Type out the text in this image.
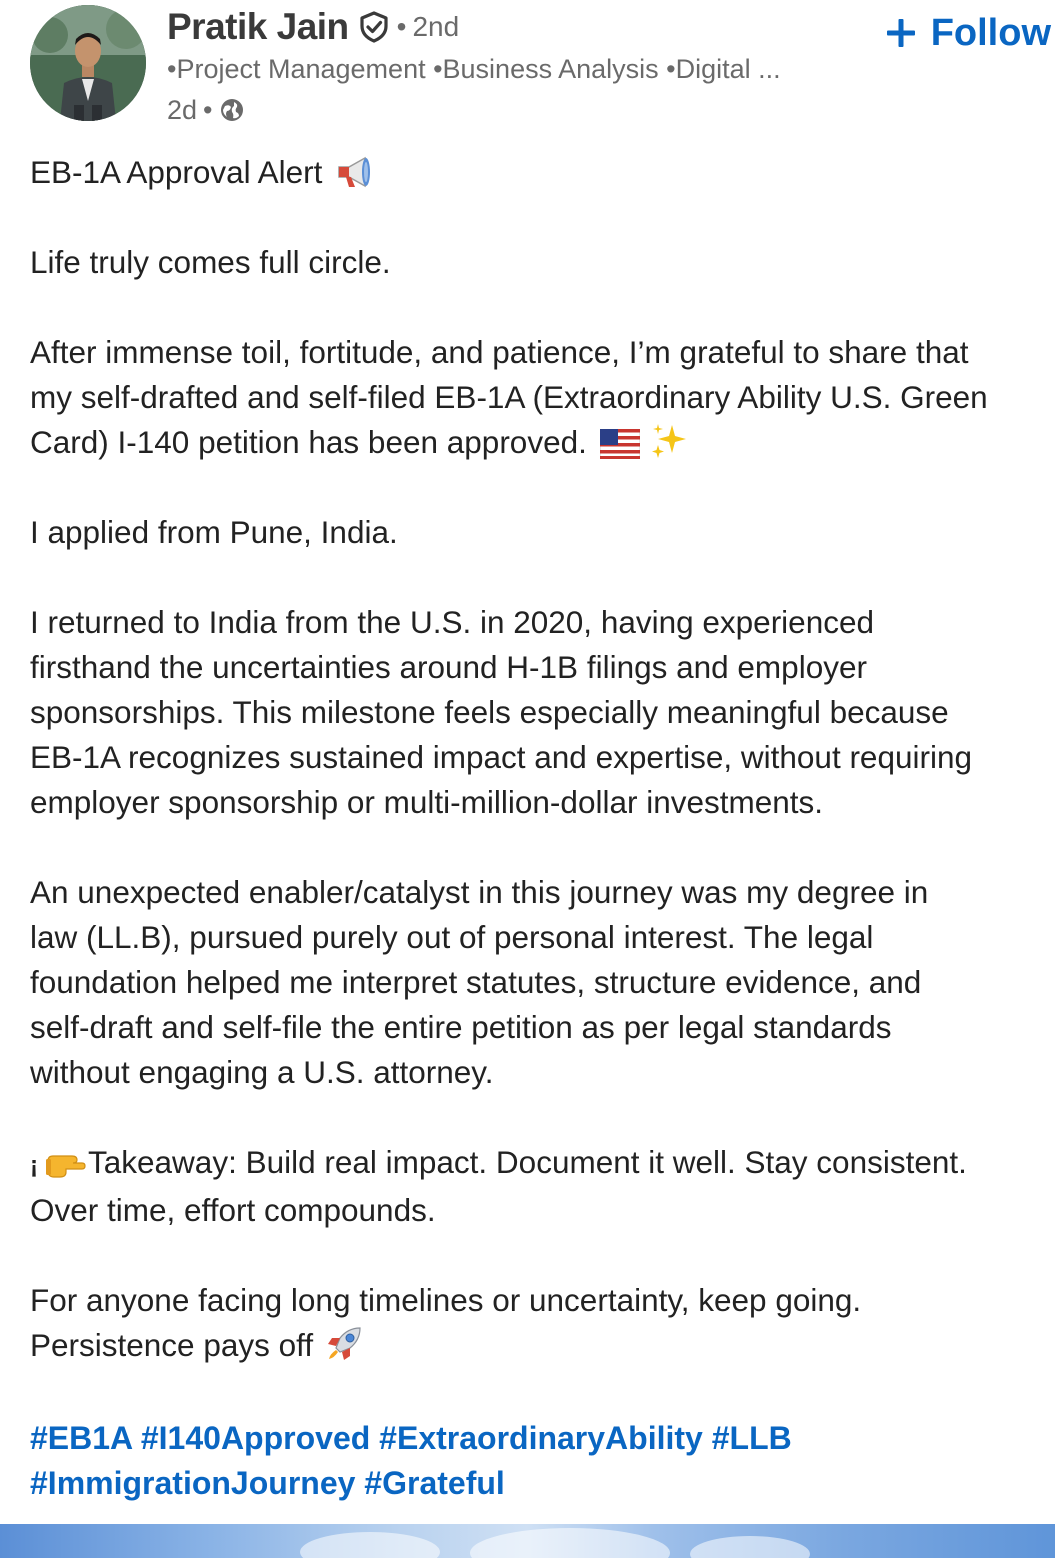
Pratik Jain • 2nd
•Project Management •Business Analysis •Digital ...
2d •
Follow

EB-1A Approval Alert

Life truly comes full circle.

After immense toil, fortitude, and patience, I’m grateful to share that

my self-drafted and self-filed EB-1A (Extraordinary Ability U.S. Green

Card) I-140 petition has been approved.

I applied from Pune, India.

I returned to India from the U.S. in 2020, having experienced

firsthand the uncertainties around H-1B filings and employer

sponsorships. This milestone feels especially meaningful because

EB-1A recognizes sustained impact and expertise, without requiring

employer sponsorship or multi-million-dollar investments.

An unexpected enabler/catalyst in this journey was my degree in

law (LL.B), pursued purely out of personal interest. The legal

foundation helped me interpret statutes, structure evidence, and

self-draft and self-file the entire petition as per legal standards

without engaging a U.S. attorney.

¡ Takeaway: Build real impact. Document it well. Stay consistent.

Over time, effort compounds.

For anyone facing long timelines or uncertainty, keep going.

Persistence pays off

#EB1A #I140Approved #ExtraordinaryAbility #LLB
#ImmigrationJourney #Grateful
